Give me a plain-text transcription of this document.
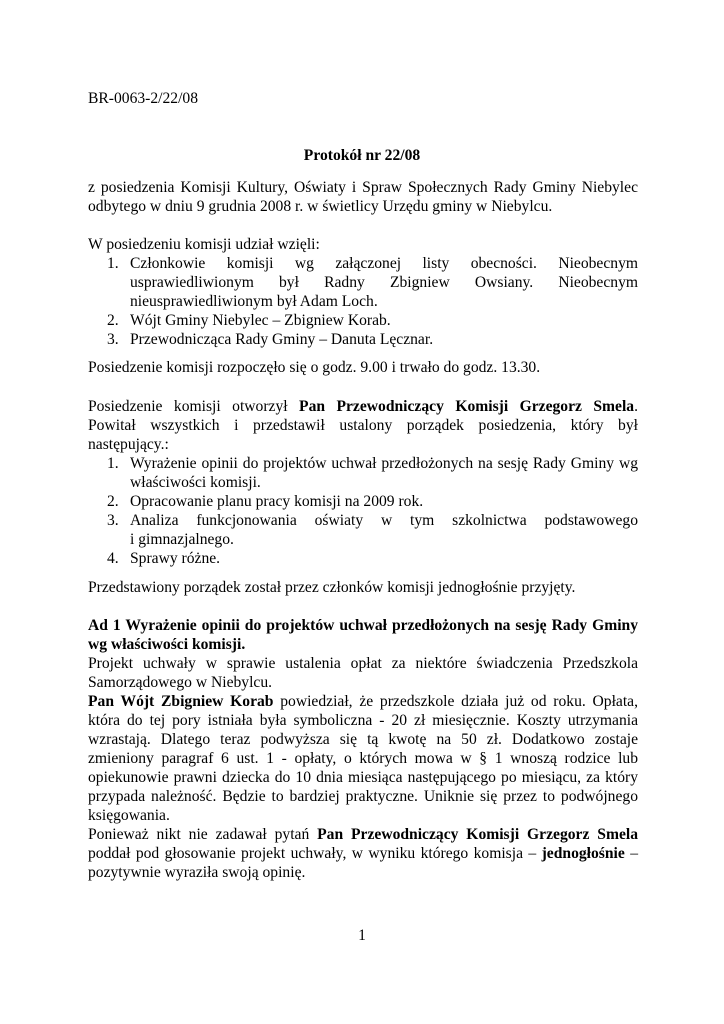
BR-0063-2/22/08

Protokół nr 22/08

z posiedzenia Komisji Kultury, Oświaty i Spraw Społecznych Rady Gminy Niebylec
odbytego w dniu 9 grudnia 2008 r. w świetlicy Urzędu gminy w Niebylcu.

W posiedzeniu komisji udział wzięli:

1. Członkowie komisji wg załączonej listy obecności. Nieobecnym
usprawiedliwionym był Radny Zbigniew Owsiany. Nieobecnym
nieusprawiedliwionym był Adam Loch.
2. Wójt Gminy Niebylec – Zbigniew Korab.
3. Przewodnicząca Rady Gminy – Danuta Lęcznar.

Posiedzenie komisji rozpoczęło się o godz. 9.00 i trwało do godz. 13.30.

Posiedzenie komisji otworzył Pan Przewodniczący Komisji Grzegorz Smela.
Powitał wszystkich i przedstawił ustalony porządek posiedzenia, który był
następujący.:
1. Wyrażenie opinii do projektów uchwał przedłożonych na sesję Rady Gminy wg
właściwości komisji.
2. Opracowanie planu pracy komisji na 2009 rok.
3. Analiza funkcjonowania oświaty w tym szkolnictwa podstawowego
i gimnazjalnego.
4. Sprawy różne.

Przedstawiony porządek został przez członków komisji jednogłośnie przyjęty.

Ad 1 Wyrażenie opinii do projektów uchwał przedłożonych na sesję Rady Gminy
wg właściwości komisji.
Projekt uchwały w sprawie ustalenia opłat za niektóre świadczenia Przedszkola
Samorządowego w Niebylcu.
Pan Wójt Zbigniew Korab powiedział, że przedszkole działa już od roku. Opłata,
która do tej pory istniała była symboliczna - 20 zł miesięcznie. Koszty utrzymania
wzrastają. Dlatego teraz podwyższa się tą kwotę na 50 zł. Dodatkowo zostaje
zmieniony paragraf 6 ust. 1 - opłaty, o których mowa w § 1 wnoszą rodzice lub
opiekunowie prawni dziecka do 10 dnia miesiąca następującego po miesiącu, za który
przypada należność. Będzie to bardziej praktyczne. Uniknie się przez to podwójnego
księgowania.
Ponieważ nikt nie zadawał pytań Pan Przewodniczący Komisji Grzegorz Smela
poddał pod głosowanie projekt uchwały, w wyniku którego komisja – jednogłośnie –
pozytywnie wyraziła swoją opinię.

1
